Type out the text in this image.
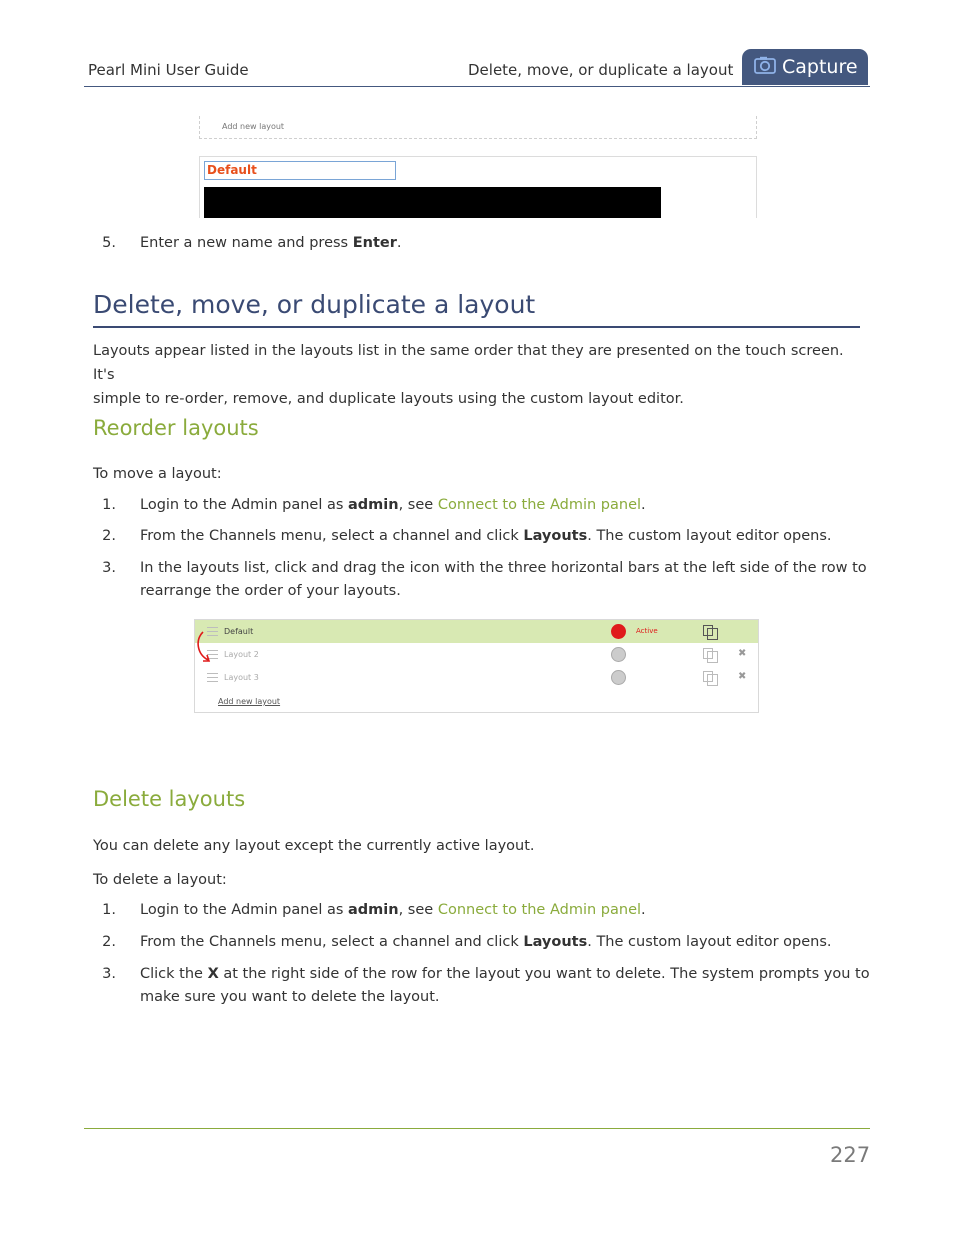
Pearl Mini User Guide	Delete, move, or duplicate a layout	Capture
Add new layout
Default
5. Enter a new name and press Enter.
Delete, move, or duplicate a layout
Layouts appear listed in the layouts list in the same order that they are presented on the touch screen. It's
simple to re-order, remove, and duplicate layouts using the custom layout editor.
Reorder layouts
To move a layout:
1. Login to the Admin panel as admin, see Connect to the Admin panel.
2. From the Channels menu, select a channel and click Layouts. The custom layout editor opens.
3. In the layouts list, click and drag the icon with the three horizontal bars at the left side of the row to
rearrange the order of your layouts.
Default	Active
Layout 2	✖
Layout 3	✖
Add new layout
Delete layouts
You can delete any layout except the currently active layout.
To delete a layout:
1. Login to the Admin panel as admin, see Connect to the Admin panel.
2. From the Channels menu, select a channel and click Layouts. The custom layout editor opens.
3. Click the X at the right side of the row for the layout you want to delete. The system prompts you to
make sure you want to delete the layout.
227
